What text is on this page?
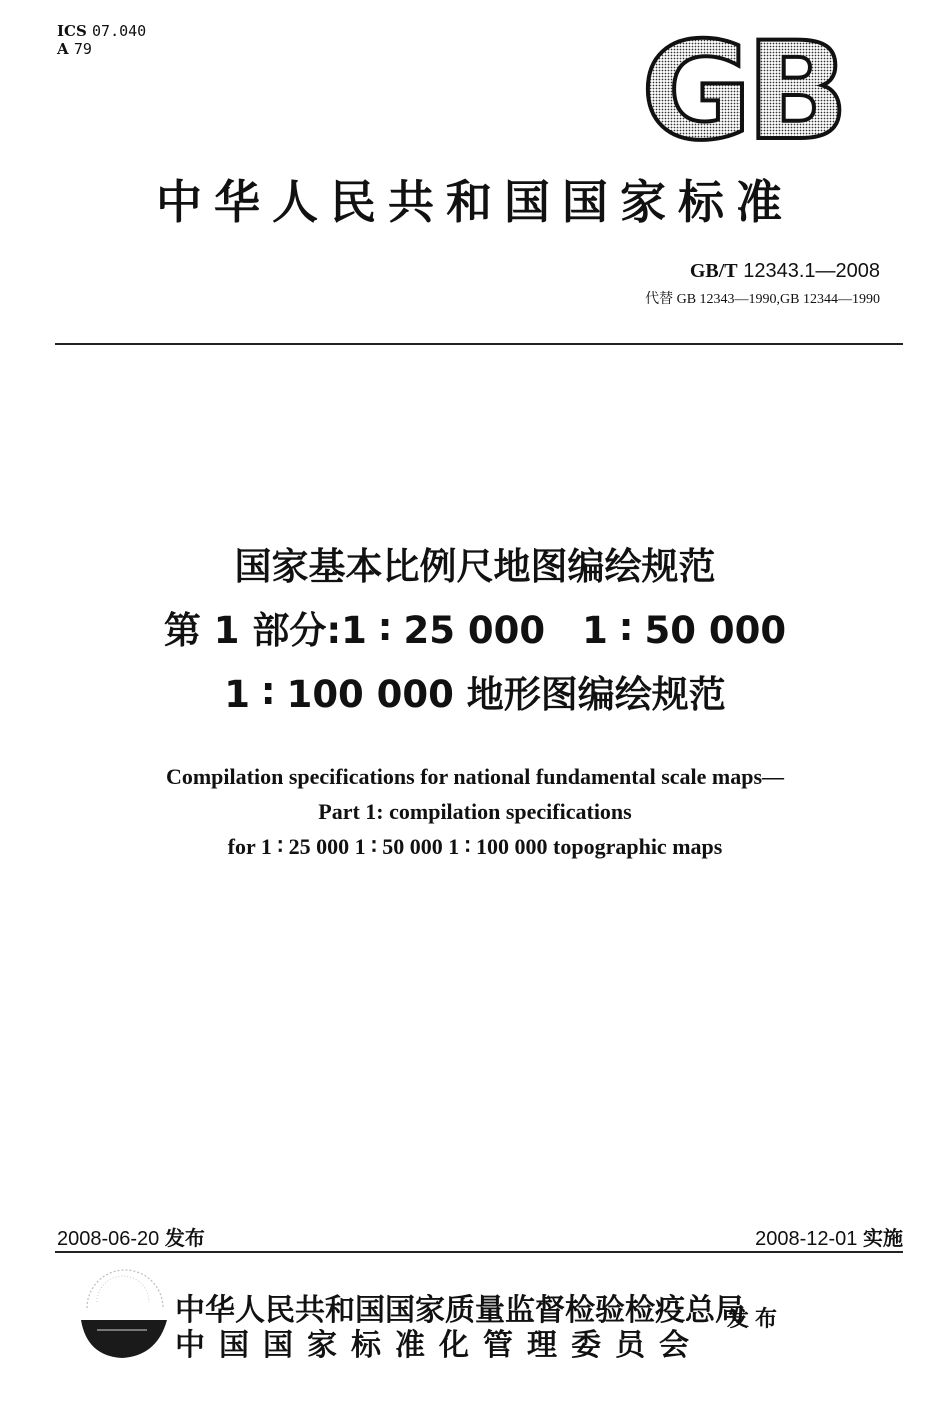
ICS 07.040
A 79	GB
中华人民共和国国家标准
GB/T 12343.1—2008
代替 GB 12343—1990,GB 12344—1990
国家基本比例尺地图编绘规范
第 1 部分:1 ∶ 25 000　1 ∶ 50 000
1 ∶ 100 000 地形图编绘规范
Compilation specifications for national fundamental scale maps—
Part 1: compilation specifications
for 1 ∶ 25 000 1 ∶ 50 000 1 ∶ 100 000 topographic maps
2008-06-20 发布	2008-12-01 实施
中华人民共和国国家质量监督检验检疫总局
中国国家标准化管理委员会
发布
